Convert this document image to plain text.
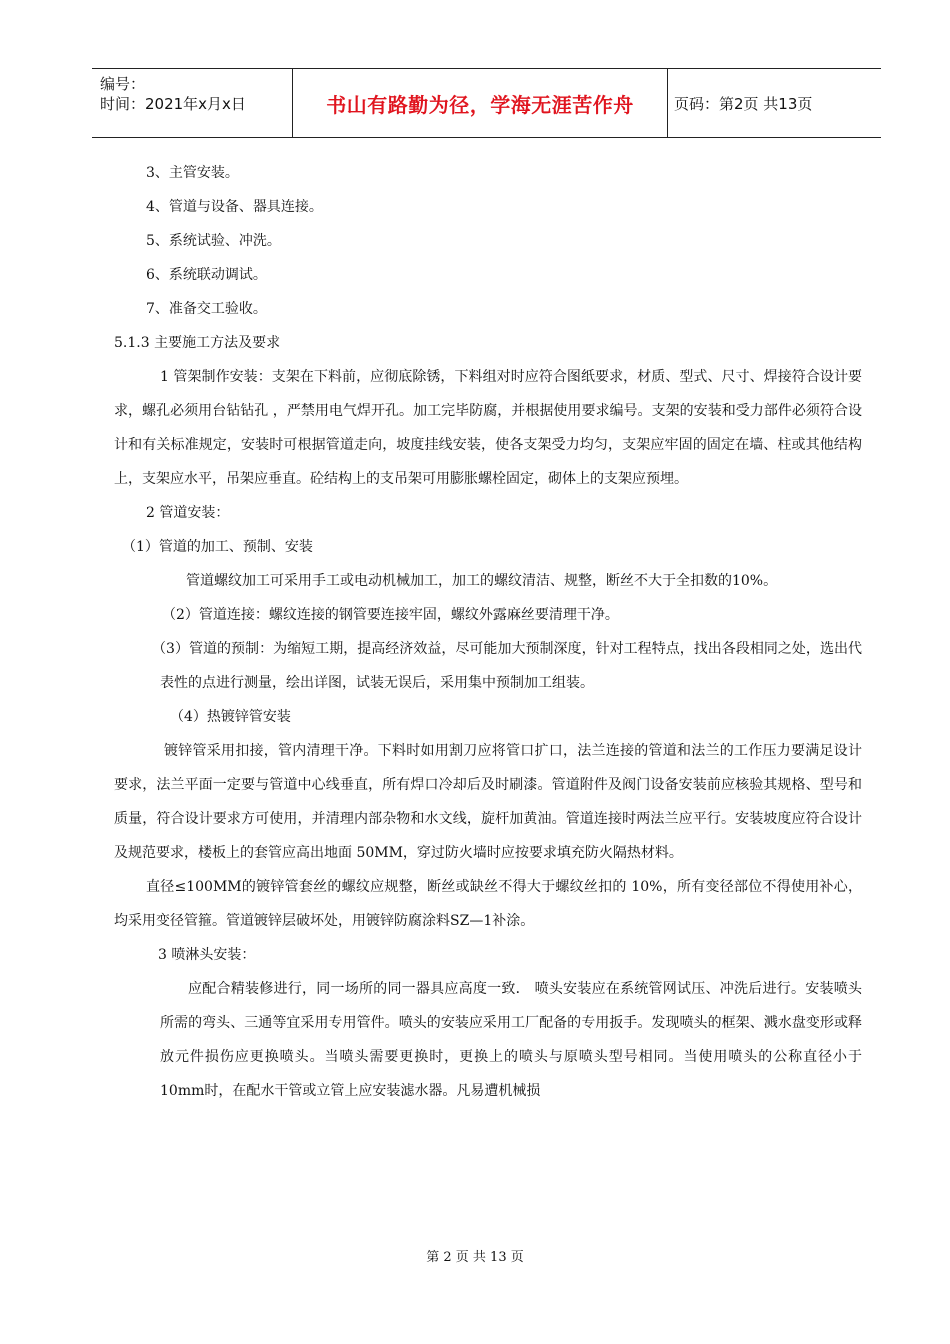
编号：
时间：2021年x月x日	书山有路勤为径，学海无涯苦作舟	页码：第2页 共13页

3、主管安装。

4、管道与设备、器具连接。

5、系统试验、冲洗。

6、系统联动调试。

7、准备交工验收。

5.1.3 主要施工方法及要求

1 管架制作安装：支架在下料前，应彻底除锈，下料组对时应符合图纸要求，材质、型式、尺寸、焊接符合设计要求，螺孔必须用台钻钻孔 ，严禁用电气焊开孔。加工完毕防腐，并根据使用要求编号。支架的安装和受力部件必须符合设计和有关标准规定，安装时可根据管道走向，坡度挂线安装，使各支架受力均匀，支架应牢固的固定在墙、柱或其他结构上，支架应水平，吊架应垂直。砼结构上的支吊架可用膨胀螺栓固定，砌体上的支架应预埋。

2 管道安装：

（1）管道的加工、预制、安装

管道螺纹加工可采用手工或电动机械加工，加工的螺纹清洁、规整，断丝不大于全扣数的10%。

（2）管道连接：螺纹连接的钢管要连接牢固，螺纹外露麻丝要清理干净。

（3）管道的预制：为缩短工期，提高经济效益，尽可能加大预制深度，针对工程特点，找出各段相同之处，选出代表性的点进行测量，绘出详图，试装无误后，采用集中预制加工组装。

（4）热镀锌管安装

镀锌管采用扣接，管内清理干净。下料时如用割刀应将管口扩口，法兰连接的管道和法兰的工作压力要满足设计要求，法兰平面一定要与管道中心线垂直，所有焊口冷却后及时刷漆。管道附件及阀门设备安装前应核验其规格、型号和质量，符合设计要求方可使用，并清理内部杂物和水文线，旋杆加黄油。管道连接时两法兰应平行。安装坡度应符合设计及规范要求，楼板上的套管应高出地面 50MM，穿过防火墙时应按要求填充防火隔热材料。

直径≤100MM的镀锌管套丝的螺纹应规整，断丝或缺丝不得大于螺纹丝扣的 10%，所有变径部位不得使用补心，均采用变径管箍。管道镀锌层破坏处，用镀锌防腐涂料SZ—1补涂。

3 喷淋头安装：

应配合精装修进行，同一场所的同一器具应高度一致． 喷头安装应在系统管网试压、冲洗后进行。安装喷头所需的弯头、三通等宜采用专用管件。喷头的安装应采用工厂配备的专用扳手。发现喷头的框架、溅水盘变形或释放元件损伤应更换喷头。当喷头需要更换时，更换上的喷头与原喷头型号相同。当使用喷头的公称直径小于 10mm时，在配水干管或立管上应安装滤水器。凡易遭机械损

第 2 页 共 13 页
